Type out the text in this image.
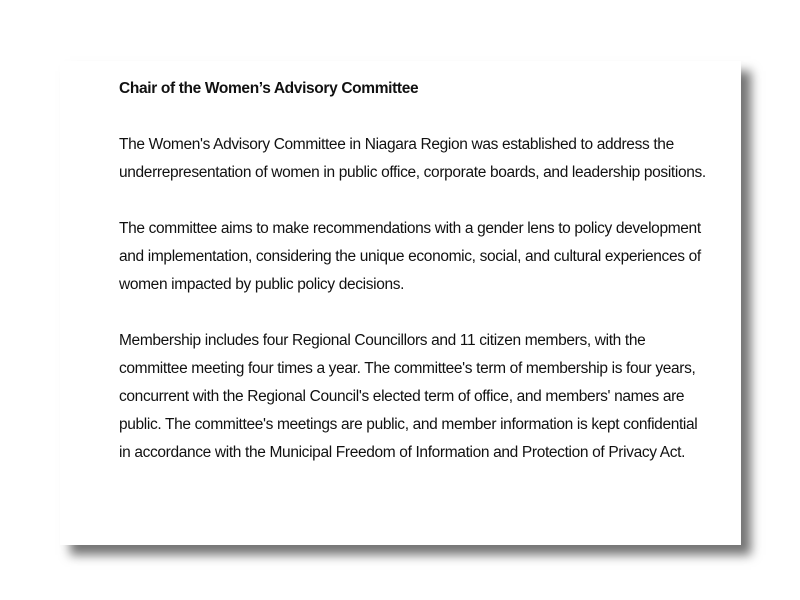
Chair of the Women’s Advisory Committee

The Women's Advisory Committee in Niagara Region was established to address the underrepresentation of women in public office, corporate boards, and leadership positions.

The committee aims to make recommendations with a gender lens to policy development and implementation, considering the unique economic, social, and cultural experiences of women impacted by public policy decisions.

Membership includes four Regional Councillors and 11 citizen members, with the committee meeting four times a year. The committee's term of membership is four years, concurrent with the Regional Council's elected term of office, and members' names are public. The committee's meetings are public, and member information is kept confidential in accordance with the Municipal Freedom of Information and Protection of Privacy Act.
